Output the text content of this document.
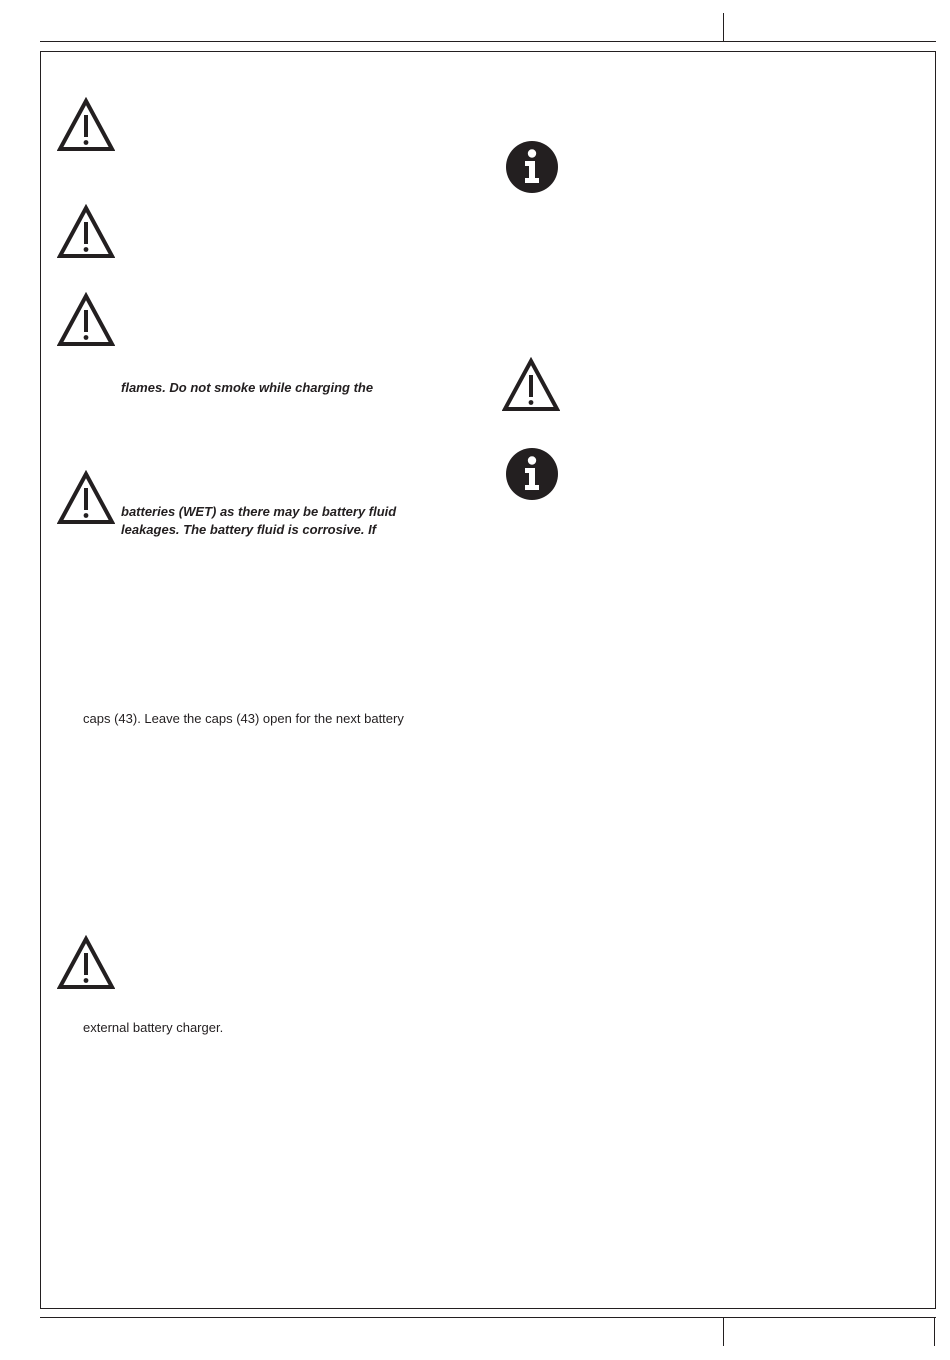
flames. Do not smoke while charging the
batteries (WET) as there may be battery fluid
leakages. The battery fluid is corrosive. If
caps (43). Leave the caps (43) open for the next battery
external battery charger.
